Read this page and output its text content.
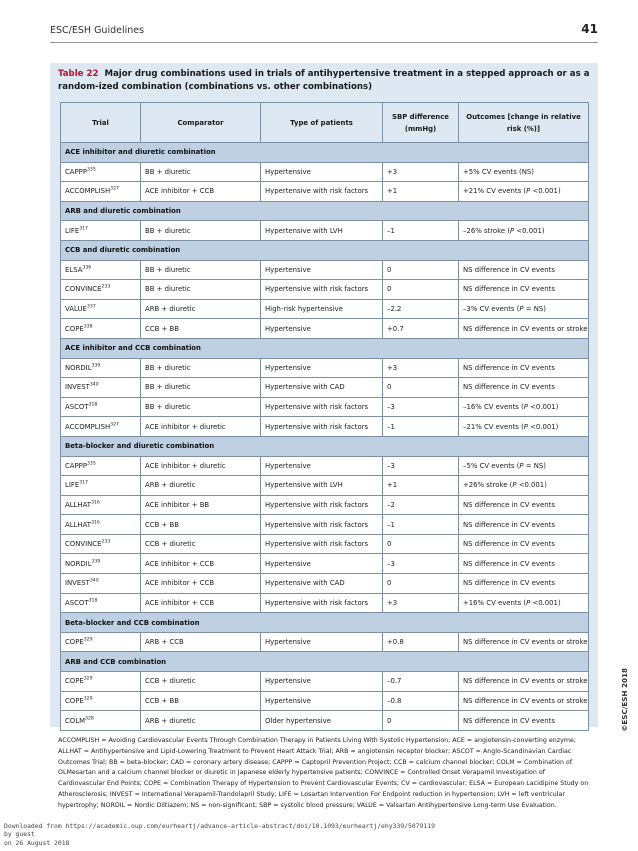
ESC/ESH Guidelines	41
Table 22 Major drug combinations used in trials of antihypertensive treatment in a stepped approach or as a random-ized combination (combinations vs. other combinations)
Trial	Comparator	Type of patients	SBP difference (mmHg)	Outcomes [change in relative risk (%)]
ACE inhibitor and diuretic combination				
CAPPP$^{335}$	BB + diuretic	Hypertensive	+3	+5% CV events (NS)
ACCOMPLISH$^{327}$	ACE inhibitor + CCB	Hypertensive with risk factors	+1	+21% CV events (P <0.001)
ARB and diuretic combination				
LIFE$^{317}$	BB + diuretic	Hypertensive with LVH	–1	–26% stroke (P <0.001)
CCB and diuretic combination				
ELSA$^{336}$	BB + diuretic	Hypertensive	0	NS difference in CV events
CONVINCE$^{233}$	BB + diuretic	Hypertensive with risk factors	0	NS difference in CV events
VALUE$^{337}$	ARB + diuretic	High-risk hypertensive	–2.2	–3% CV events (P = NS)
COPE$^{338}$	CCB + BB	Hypertensive	+0.7	NS difference in CV events or stroke
ACE inhibitor and CCB combination				
NORDIL$^{339}$	BB + diuretic	Hypertensive	+3	NS difference in CV events
INVEST$^{340}$	BB + diuretic	Hypertensive with CAD	0	NS difference in CV events
ASCOT$^{318}$	BB + diuretic	Hypertensive with risk factors	–3	–16% CV events (P <0.001)
ACCOMPLISH$^{327}$	ACE inhibitor + diuretic	Hypertensive with risk factors	–1	–21% CV events (P <0.001)
Beta-blocker and diuretic combination				
CAPPP$^{335}$	ACE inhibitor + diuretic	Hypertensive	–3	–5% CV events (P = NS)
LIFE$^{317}$	ARB + diuretic	Hypertensive with LVH	+1	+26% stroke (P <0.001)
ALLHAT$^{316}$	ACE inhibitor + BB	Hypertensive with risk factors	–2	NS difference in CV events
ALLHAT$^{316}$	CCB + BB	Hypertensive with risk factors	–1	NS difference in CV events
CONVINCE$^{233}$	CCB + diuretic	Hypertensive with risk factors	0	NS difference in CV events
NORDIL$^{339}$	ACE inhibitor + CCB	Hypertensive	–3	NS difference in CV events
INVEST$^{340}$	ACE inhibitor + CCB	Hypertensive with CAD	0	NS difference in CV events
ASCOT$^{318}$	ACE inhibitor + CCB	Hypertensive with risk factors	+3	+16% CV events (P <0.001)
Beta-blocker and CCB combination				
COPE$^{329}$	ARB + CCB	Hypertensive	+0.8	NS difference in CV events or stroke
ARB and CCB combination				
COPE$^{329}$	CCB + diuretic	Hypertensive	–0.7	NS difference in CV events or stroke
COPE$^{329}$	CCB + BB	Hypertensive	–0.8	NS difference in CV events or stroke
COLM$^{328}$	ARB + diuretic	Older hypertensive	0	NS difference in CV events	©ESC/ESH 2018
ACCOMPLISH = Avoiding Cardiovascular Events Through Combination Therapy in Patients Living With Systolic Hypertension; ACE = angiotensin-converting enzyme; ALLHAT = Antihypertensive and Lipid-Lowering Treatment to Prevent Heart Attack Trial; ARB = angiotensin receptor blocker; ASCOT = Anglo-Scandinavian Cardiac Outcomes Trial; BB = beta-blocker; CAD = coronary artery disease; CAPPP = Captopril Prevention Project; CCB = calcium channel blocker; COLM = Combination of OLMesartan and a calcium channel blocker or diuretic in Japanese elderly hypertensive patients; CONVINCE = Controlled Onset Verapamil Investigation of Cardiovascular End Points; COPE = Combination Therapy of Hypertension to Prevent Cardiovascular Events; CV = cardiovascular; ELSA = European Lacidipine Study on Atherosclerosis; INVEST = International Verapamil-Trandolapril Study; LIFE = Losartan Intervention For Endpoint reduction in hypertension; LVH = left ventricular hypertrophy; NORDIL = Nordic Diltiazem; NS = non-significant; SBP = systolic blood pressure; VALUE = Valsartan Antihypertensive Long-term Use Evaluation.
Downloaded from https://academic.oup.com/eurheartj/advance-article-abstract/doi/10.1093/eurheartj/ehy339/5079119
by guest
on 26 August 2018
